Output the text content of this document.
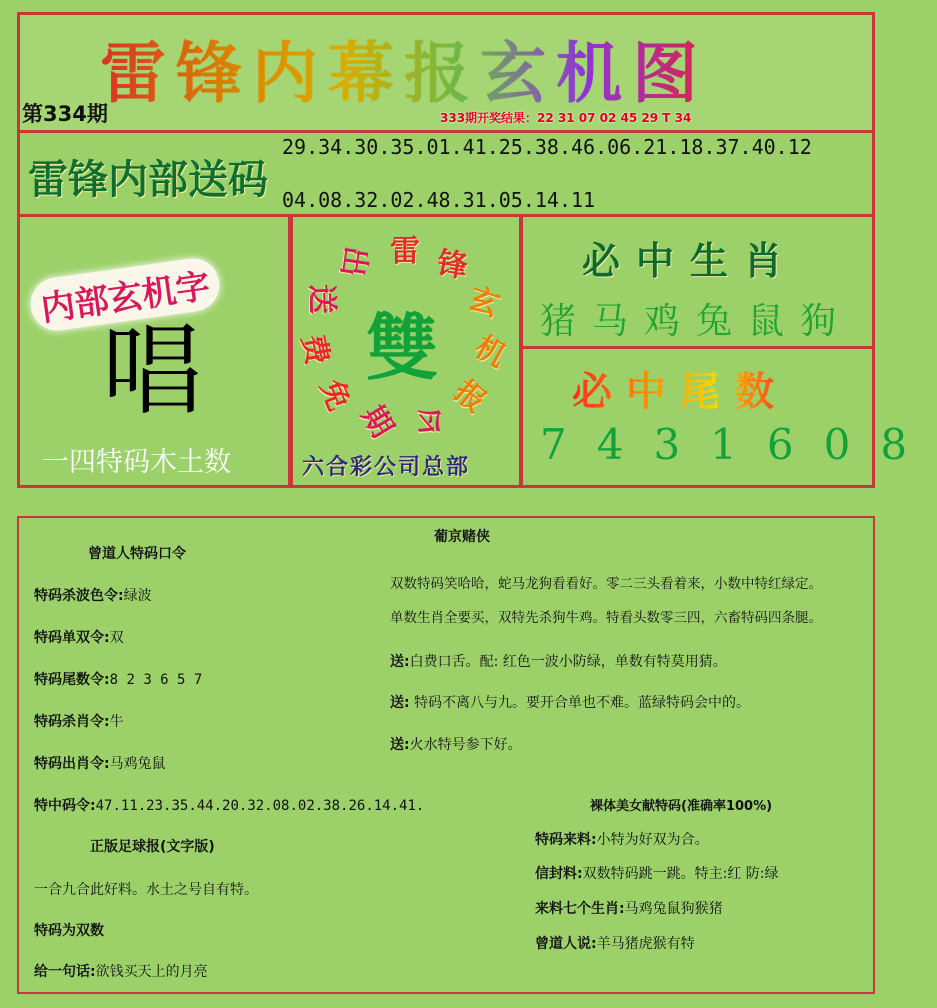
雷锋内幕报玄机图
第334期	333期开奖结果：22 31 07 02 45 29 T 34
雷锋内部送码
29.34.30.35.01.41.25.38.46.06.21.18.37.40.12
04.08.32.02.48.31.05.14.11
内部玄机字
唱
一四特码木土数
雷 锋
玄
机
报
今
期
免
费
送
出
雙
六合彩公司总部
必中生肖
猪马鸡兔鼠狗
必中尾数
7431608
曾道人特码口令
特码杀波色令:绿波
特码单双令:双
特码尾数令:8 2 3 6 5 7
特码杀肖令:牛
特码出肖令:马鸡兔鼠
特中码令:47.11.23.35.44.20.32.08.02.38.26.14.41.
正版足球报(文字版)
一合九合此好料。水土之号自有特。
特码为双数
给一句话:欲钱买天上的月亮
葡京赌侠
双数特码笑哈哈，蛇马龙狗看看好。零二三头看着来，小数中特红绿定。
单数生肖全要买，双特先杀狗牛鸡。特看头数零三四，六畜特码四条腿。
送:白费口舌。配: 红色一波小防绿，单数有特莫用猜。
送: 特码不离八与九。要开合单也不难。蓝绿特码会中的。
送:火水特号参下好。
裸体美女献特码(准确率100%)
特码来料:小特为好双为合。
信封料:双数特码跳一跳。特主:红 防:绿
来料七个生肖:马鸡兔鼠狗猴猪
曾道人说:羊马猪虎猴有特
